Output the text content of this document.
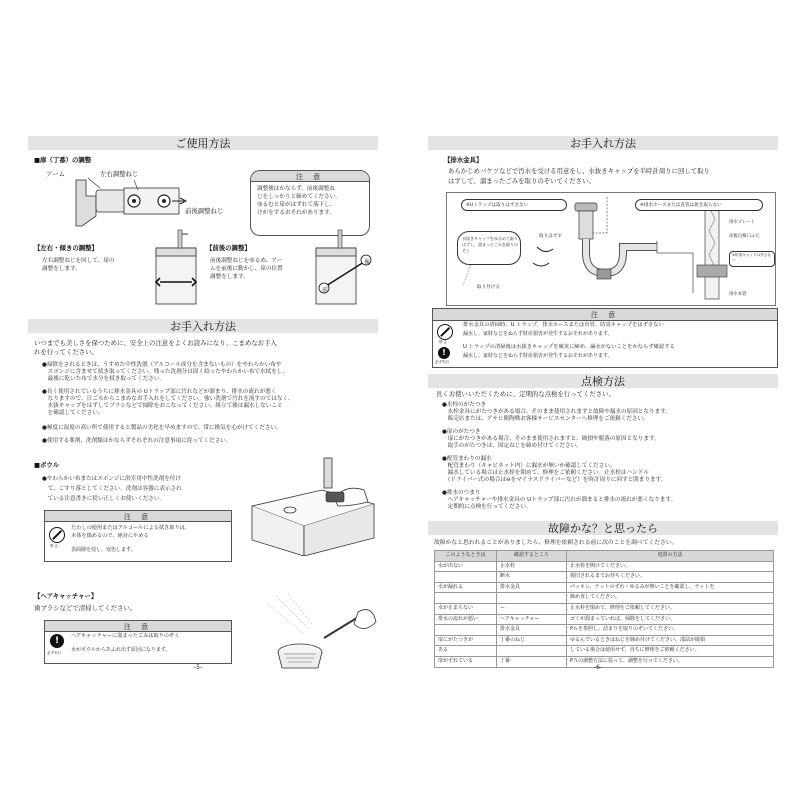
ご使用方法
■扉（丁番）の調整
アーム	左右調整ねじ
前後調整ねじ
注 意
調整後はかならず、前後調整ね
じをしっかりと締めてください。
ゆるむと扉がはずれて落下し、
けがをするおそれがあります。
【左右・傾きの調整】
左右調整ねじを回して、扉の
調整をします。
【前後の調整】
前後調整ねじをゆるめ、アー
ムを前後に動かし、扉の位置
調整をします。
後
前
お手入れ方法
いつまでも美しさを保つために、安全上の注意をよくお読みになり、こまめなお手入
れを行ってください。
●掃除をされるときは、うすめた中性洗剤（アルコール成分を含まないもの）をやわらかい布や
　スポンジに含ませて拭き取ってください。残った洗剤分は固く絞ったやわらかい布で水拭をし、
　最後に乾いた布で水分を拭き取ってください。
●長く使用されているうちに排水金具の Uトラップ部に汚れなどが溜まり、排水の流れが悪く
　なりますので、日ごろからこまめなお手入れをしてください。強い洗剤で汚れを流すのではなく、
　水抜キャップをはずしてブラシなどで掃除をおこなってください。組立て後は漏水しないこと
　を確認してください。
●極度に湿度の高い所で使用すると製品の劣化を早めますので、常に換気を心がけてください。
●使用する薬剤、洗剤類はかならずそれぞれの注意事項に従ってください。
■ボウル
●やわらかい布またはスポンジに浴室用中性洗剤を付け
　て、こすり落としてください。洗剤は容器に表示され
　ている注意書きに従い正しくお使いください。
注 意
禁 止
たわしの使用またはアルコールによる拭き取りは、
本体を傷めるので、絶対にやめる
表面層を侵し、変色します。
【ヘアキャッチャー】
歯ブラシなどで清掃してください。
注 意
!
必ず実行
ヘアキャッチャーに溜まったごみは取りのぞく
水がボウルからあふれ出す原因になります。
-5-
お手入れ方法
【排水金具】
あらかじめバケツなどで汚水を受ける用意をし、水抜きキャップを半時計周りに回して取り
はずして、溜まったごみを取りのぞいてください。
※Uトラップは取りはずさない	※排水ホースまたは直管は抜き取らない
水抜きキャップをゆるめて取りはずし、溜まったごみを取りのぞく
取りはずす
取り付ける
排水プレート
床板点検口ふた
※防臭キャップは外さない
排水本管
注 意
禁 止
!
必ず実行
排水金具の清掃時、U トラップ、排水ホースまたは直管、防臭キャップをはずさない
漏水し、家財などをぬらす財産損害が発生するおそれがあります。
U トラップの清掃後は水抜きキャップを確実に締め、漏水がないことをかならず確認する
漏水し、家財などをぬらす財産損害が発生するおそれがあります。
点検方法
長くお使いいただくために、定期的な点検を行ってください。
●水栓のがたつき
　水栓金具にがたつきがある場合、そのまま使用されますと故障や漏水の原因となります。
　販売店または、アサヒ衛陶株お客様サービスセンターへ修理をご依頼ください。
●扉のがたつき
　扉にがたつきがある場合、そのまま使用されますと、破損や脱落の原因となります。
　取手のがたつきは、固定ねじを締め付けてください。
●配管まわりの漏水
　配管まわり（キャビネット内）に漏水が無いか確認してください。
　漏水している場合は止水栓を閉めて、修理をご依頼ください。止水栓はハンドル
　（ドライバー式の場合は⊖をマイナスドライバーなど）を時計周りに回すと閉まります。
●排水のつまり
　ヘアキャッチャーや排水金具の Uトラップ部に汚れが溜まると排水の流れが悪くなります。
　定期的に点検を行ってください。
故障かな？と思ったら
故障かなと思われることがありましたら、修理を依頼される前に次のことを調べてください。
このようなときは	確認するところ	処置の方法
水が出ない	止水栓	止水栓を開けてください。
	断水	復旧されるまでお待ちください。
水が漏れる	排水金具	パッキン、ナットのずれ・ゆるみが無いことを確認し、ナットを
		締め直してください。
水が止まらない	ー	止水栓を閉めて、修理をご依頼してください。
排水の流れが悪い	ヘアキャッチャー	ゴミが溜まっていれば、掃除をしてください。
	排水金具	P６を参照し、詰まりを取りのぞいてください。
扉にがたつきが	丁番のねじ	ゆるんでいるときはねじを締め付けてください。部品が破損
ある		している場合は使用せず、直ちに修理をご依頼ください。
扉がずれている	丁番	P５の調整方法に従って、調整を行ってください。
-6-
